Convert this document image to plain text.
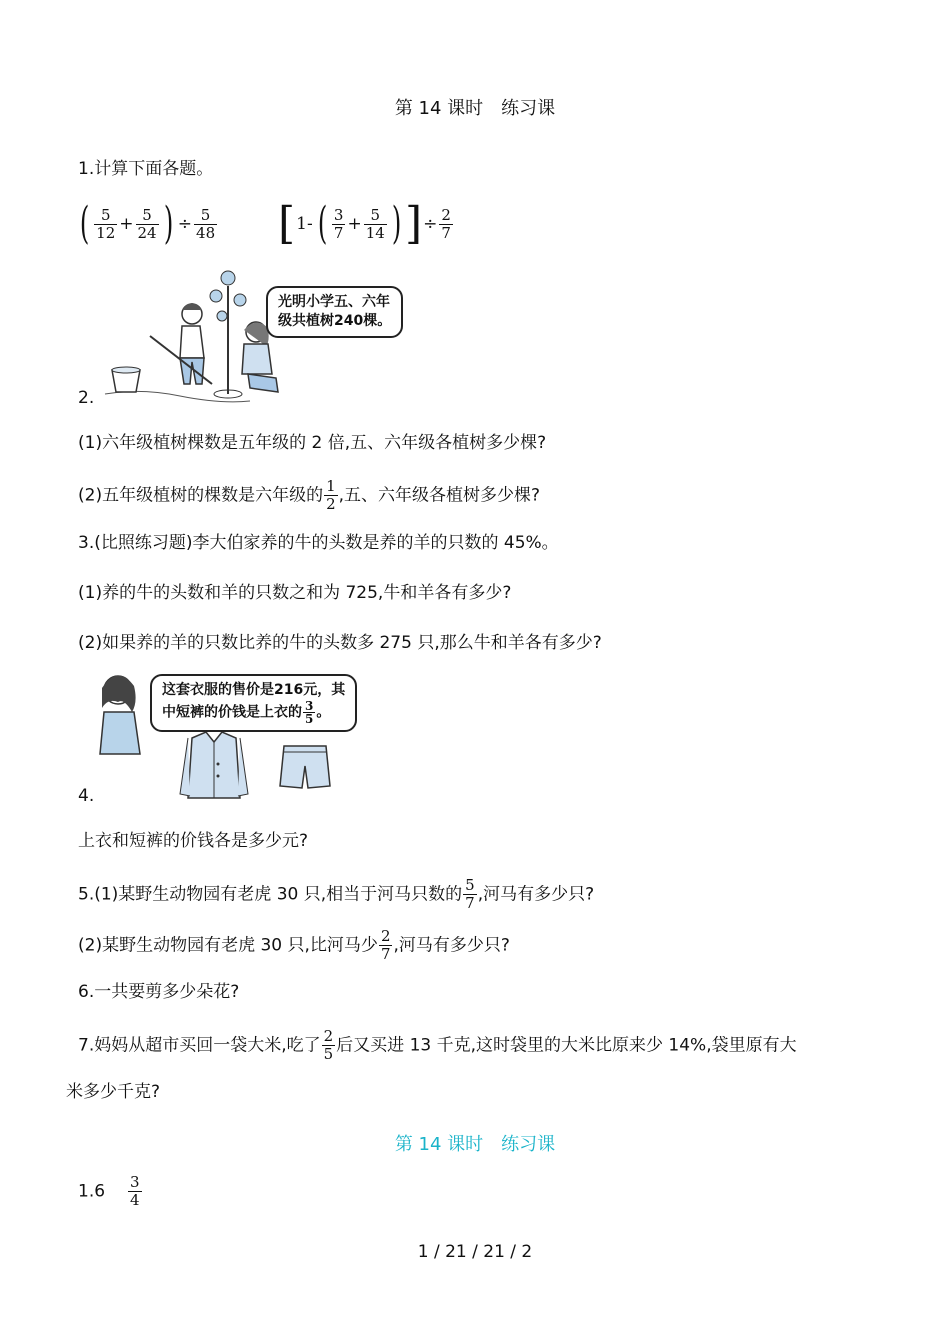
第 14 课时　练习课
1.计算下面各题。
( $\frac{5}{12} + \frac{5}{24}$ ) ÷ $\frac{5}{48} [1-$ ( $\frac{3}{7} + \frac{5}{14}$ )]÷ $\frac{2}{7}$
光明小学五、六年
级共植树240棵。
2.
(1)六年级植树棵数是五年级的 2 倍,五、六年级各植树多少棵?
(2)五年级植树的棵数是六年级的 $\frac{1}{2}$ ,五、六年级各植树多少棵?
3.(比照练习题)李大伯家养的牛的头数是养的羊的只数的 45%。
(1)养的牛的头数和羊的只数之和为 725,牛和羊各有多少?
(2)如果养的羊的只数比养的牛的头数多 275 只,那么牛和羊各有多少?
这套衣服的售价是216元，其
中短裤的价钱是上衣的 $\frac{3}{5}$ 。
4.
上衣和短裤的价钱各是多少元?
5.(1)某野生动物园有老虎 30 只,相当于河马只数的 $\frac{5}{7}$ ,河马有多少只?
(2)某野生动物园有老虎 30 只,比河马少 $\frac{2}{7}$ ,河马有多少只?
6.一共要剪多少朵花?
7.妈妈从超市买回一袋大米,吃了 $\frac{2}{5}$ 后又买进 13 千克,这时袋里的大米比原来少 14%,袋里原有大
米多少千克?
第 14 课时　练习课
$1.6 \frac{3}{4}$
1 / 21 / 21 / 2
